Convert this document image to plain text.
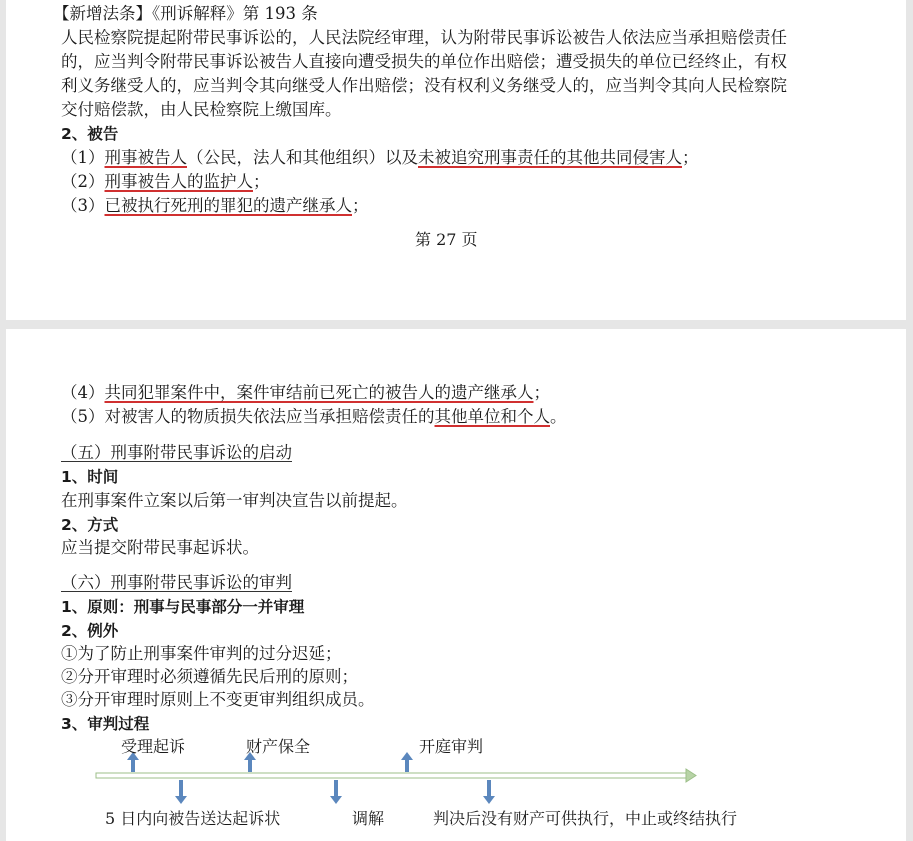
【新增法条】《刑诉解释》第 193 条
人民检察院提起附带民事诉讼的，人民法院经审理，认为附带民事诉讼被告人依法应当承担赔偿责任
的，应当判令附带民事诉讼被告人直接向遭受损失的单位作出赔偿；遭受损失的单位已经终止，有权
利义务继受人的，应当判令其向继受人作出赔偿；没有权利义务继受人的，应当判令其向人民检察院
交付赔偿款，由人民检察院上缴国库。
2、被告
（1）刑事被告人（公民，法人和其他组织）以及未被追究刑事责任的其他共同侵害人；
（2）刑事被告人的监护人；
（3）已被执行死刑的罪犯的遗产继承人；
第 27 页
（4）共同犯罪案件中，案件审结前已死亡的被告人的遗产继承人；
（5）对被害人的物质损失依法应当承担赔偿责任的其他单位和个人。
（五）刑事附带民事诉讼的启动
1、时间
在刑事案件立案以后第一审判决宣告以前提起。
2、方式
应当提交附带民事起诉状。
（六）刑事附带民事诉讼的审判
1、原则：刑事与民事部分一并审理
2、例外
①为了防止刑事案件审判的过分迟延；
②分开审理时必须遵循先民后刑的原则；
③分开审理时原则上不变更审判组织成员。
3、审判过程
受理起诉	财产保全	开庭审判
5 日内向被告送达起诉状	调解	判决后没有财产可供执行，中止或终结执行
